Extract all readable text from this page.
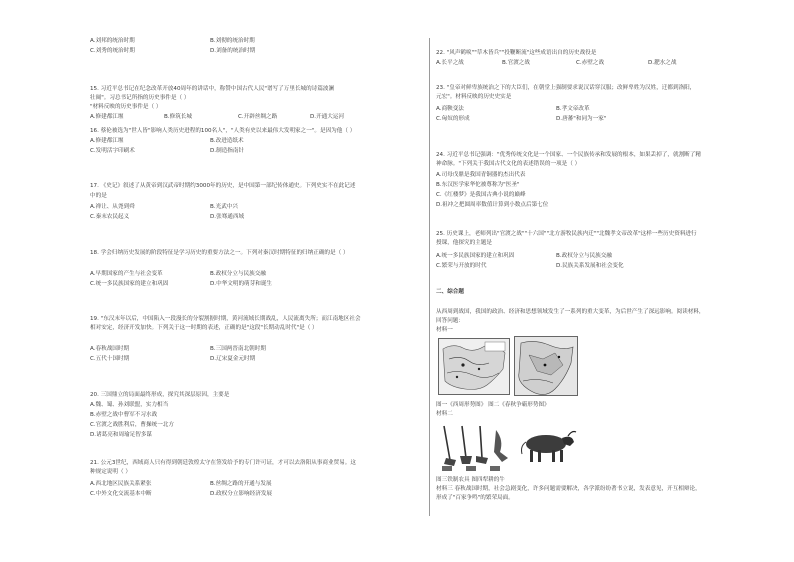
A.刘邦的统治时期	B.刘彻的统治时期
C.刘秀的统治时期	D.刘备的统治时期
15. 习近平总书记在纪念改革开放40周年的讲话中，称赞中国古代人民"谱写了万里长城的诗篇波澜
壮阔"。习总书记所指的历史事件是（ ）
"材料反映的历史事件是（ ）
A.修建都江堰	B.修筑长城	C.开辟丝绸之路	D.开通大运河
16. 蔡伦被选为"世人皆"影响人类历史进程的100名人"，"人类有史以来最伟大发明家之一"。是因为他（ ）
A.修建都江堰	B.改进造纸术
C.发明活字印刷术	D.制造指南针
17. 《史记》叙述了从黄帝到汉武帝时期约3000年的历史，是中国第一部纪传体通史。下列史实不在此记述
中的是
A.禅让、从尧到舜	B.光武中兴
C.秦末农民起义	D.张骞通西域
18. 学会归纳历史发展的阶段特征是学习历史的重要方法之一。下列对秦汉时期特征的归纳正确的是（ ）
A.早期国家的产生与社会变革	B.政权分立与民族交融
C.统一多民族国家的建立和巩固	D.中华文明的萌芽和诞生
19. "东汉末年以后，中国陷入一段漫长的分裂割据时期，黄河流域长期战乱，人民流离失所；而江南地区社会
相对安定，经济开发加快。下列关于这一时期的表述，正确的是"这段"长期动乱时代"是（ ）
A.春秋战国时期	B.三国两晋南北朝时期
C.五代十国时期	D.辽宋夏金元时期
20. 三国鼎立的局面最终形成，探究其深层原因，主要是
A.魏、蜀、孙刘联盟，实力相当
B.赤壁之战中曹军不习水战
C.官渡之战胜利后，曹操统一北方
D.诸葛亮和周瑜足智多谋
21. 公元3世纪，西域商人只有得到朝廷敦煌太守在签发给予的专门许可证，才可以去洛阳从事商业贸易。这
种规定说明（ ）
A.西北地区民族关系紧张	B.丝绸之路的开通与发展
C.中外文化交流基本中断	D.政权分立影响经济发展
22. "风声鹤唳""草木皆兵""投鞭断流"这些成语出自的历史战役是
A.长平之战	B.官渡之战	C.赤壁之战	D.淝水之战
23. "皇帝对鲜卑族统治之下的大臣们，在朝堂上强制要求说汉话穿汉服；改鲜卑姓为汉姓，迁都到洛阳，
元宏"。材料反映的历史史实是
A.商鞅变法	B.孝文帝改革
C.匈奴的形成	D.唐蕃"和同为一家"
24. 习近平总书记强调："优秀传统文化是一个国家、一个民族传承和发展的根本，如果丢掉了，就割断了精
神命脉。"下列关于我国古代文化的表述错误的一项是（ ）
A.司母戊鼎是我国青铜器的杰出代表
B.东汉医学家华佗被尊称为"医圣"
C.《红楼梦》是我国古典小说的巅峰
D.祖冲之把圆周率数值计算到小数点后第七位
25. 历史课上，老师列出"官渡之战""十六国""北方游牧民族内迁""北魏孝文帝改革"这样一些历史资料进行
授课，他探究的主题是
A.统一多民族国家的建立和巩固	B.政权分立与民族交融
C.繁荣与开放的时代	D.民族关系发展和社会变化
二、综合题
从西周到战国，我国的政治、经济和思想领域发生了一系列的重大变革，为后世产生了深远影响。阅读材料，
回答问题：
材料一
图一《西周形势图》 图二《春秋争霸形势图》
材料二
图三铁制农具 图四犁耕的牛
材料三 春秋战国时期，社会急剧变化，许多问题需要解决，各学派纷纷著书立说，发表意见，开互相辩论，
形成了"百家争鸣"的繁荣局面。
